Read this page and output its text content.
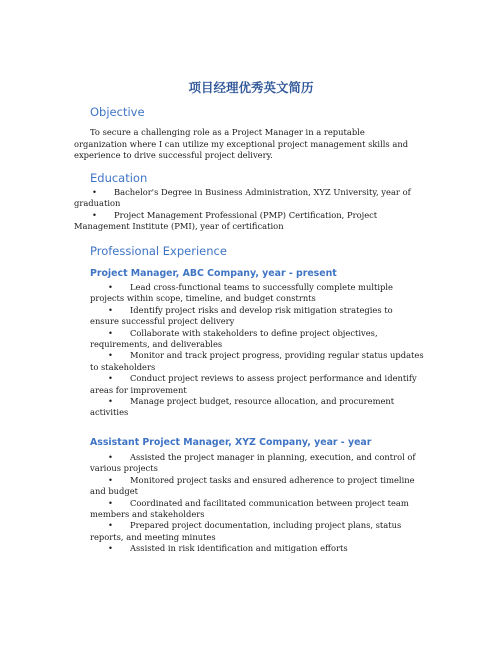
项目经理优秀英文简历
Objective
To secure a challenging role as a Project Manager in a reputable organization where I can utilize my exceptional project management skills and experience to drive successful project delivery.
Education
• Bachelor's Degree in Business Administration, XYZ University, year of graduation
• Project Management Professional (PMP) Certification, Project Management Institute (PMI), year of certification
Professional Experience
Project Manager, ABC Company, year - present
• Lead cross-functional teams to successfully complete multiple projects within scope, timeline, and budget constrnts
• Identify project risks and develop risk mitigation strategies to ensure successful project delivery
• Collaborate with stakeholders to define project objectives, requirements, and deliverables
• Monitor and track project progress, providing regular status updates to stakeholders
• Conduct project reviews to assess project performance and identify areas for improvement
• Manage project budget, resource allocation, and procurement activities
Assistant Project Manager, XYZ Company, year - year
• Assisted the project manager in planning, execution, and control of various projects
• Monitored project tasks and ensured adherence to project timeline and budget
• Coordinated and facilitated communication between project team members and stakeholders
• Prepared project documentation, including project plans, status reports, and meeting minutes
• Assisted in risk identification and mitigation efforts
